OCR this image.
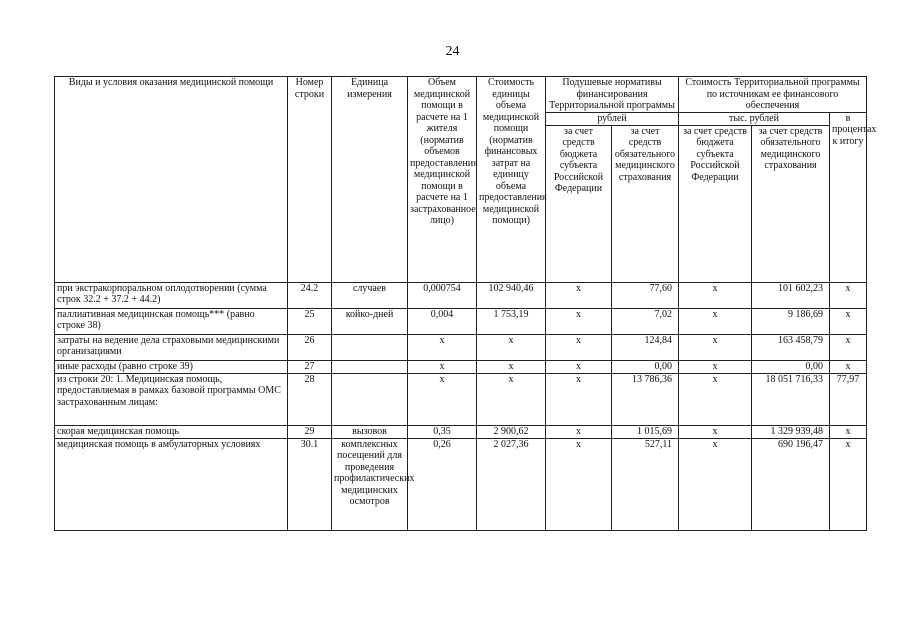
24
Виды и условия оказания медицинской помощи	Номер строки	Единица измерения	Объем медицинской помощи в расчете на 1 жителя (норматив объемов предоставления медицинской помощи в расчете на 1 застрахованное лицо)	Стоимость единицы объема медицинской помощи (норматив финансовых затрат на единицу объема предоставления медицинской помощи)	Подушевые нормативы финансирования Территориальной программы		Стоимость Территориальной программы по источникам ее финансового обеспечения		
					рублей		тыс. рублей		в процентах к итогу
					за счет средств бюджета субъекта Российской Федерации	за счет средств обязательного медицинского страхования	за счет средств бюджета субъекта Российской Федерации	за счет средств обязательного медицинского страхования	
при экстракорпоральном оплодотворении (сумма строк 32.2 + 37.2 + 44.2)	24.2	случаев	0,000754	102 940,46	х	77,60	х	101 602,23	х
паллиативная медицинская помощь*** (равно строке 38)	25	койко-дней	0,004	1 753,19	х	7,02	х	9 186,69	х
затраты на ведение дела страховыми медицинскими организациями	26		х	х	х	124,84	х	163 458,79	х
иные расходы (равно строке 39)	27		х	х	х	0,00	х	0,00	х
из строки 20: 1. Медицинская помощь, предоставляемая в рамках базовой программы ОМС застрахованным лицам:	28		х	х	х	13 786,36	х	18 051 716,33	77,97
скорая медицинская помощь	29	вызовов	0,35	2 900,62	х	1 015,69	х	1 329 939,48	х
медицинская помощь в амбулаторных условиях	30.1	комплексных посещений для проведения профилактических медицинских осмотров	0,26	2 027,36	х	527,11	х	690 196,47	х
